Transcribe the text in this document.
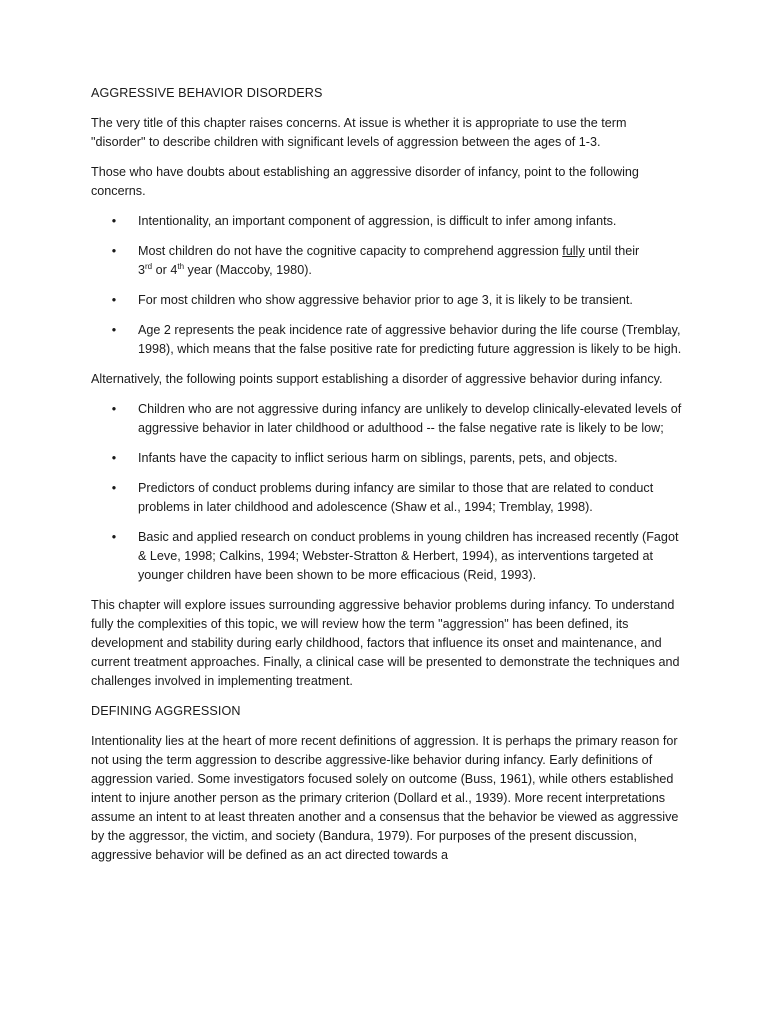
AGGRESSIVE BEHAVIOR DISORDERS

The very title of this chapter raises concerns. At issue is whether it is appropriate to use the term "disorder" to describe children with significant levels of aggression between the ages of 1-3.

Those who have doubts about establishing an aggressive disorder of infancy, point to the following concerns.

• Intentionality, an important component of aggression, is difficult to infer among infants.
• Most children do not have the cognitive capacity to comprehend aggression fully until their
3rd or 4th year (Maccoby, 1980).
• For most children who show aggressive behavior prior to age 3, it is likely to be transient.
• Age 2 represents the peak incidence rate of aggressive behavior during the life course (Tremblay, 1998), which means that the false positive rate for predicting future aggression is likely to be high.

Alternatively, the following points support establishing a disorder of aggressive behavior during infancy.

• Children who are not aggressive during infancy are unlikely to develop clinically-elevated levels of aggressive behavior in later childhood or adulthood -- the false negative rate is likely to be low;
• Infants have the capacity to inflict serious harm on siblings, parents, pets, and objects.
• Predictors of conduct problems during infancy are similar to those that are related to conduct problems in later childhood and adolescence (Shaw et al., 1994; Tremblay, 1998).
• Basic and applied research on conduct problems in young children has increased recently (Fagot & Leve, 1998; Calkins, 1994; Webster-Stratton & Herbert, 1994), as interventions targeted at younger children have been shown to be more efficacious (Reid, 1993).

This chapter will explore issues surrounding aggressive behavior problems during infancy. To understand fully the complexities of this topic, we will review how the term "aggression" has been defined, its development and stability during early childhood, factors that influence its onset and maintenance, and current treatment approaches. Finally, a clinical case will be presented to demonstrate the techniques and challenges involved in implementing treatment.

DEFINING AGGRESSION

Intentionality lies at the heart of more recent definitions of aggression. It is perhaps the primary reason for not using the term aggression to describe aggressive-like behavior during infancy. Early definitions of aggression varied. Some investigators focused solely on outcome (Buss, 1961), while others established intent to injure another person as the primary criterion (Dollard et al., 1939). More recent interpretations assume an intent to at least threaten another and a consensus that the behavior be viewed as aggressive by the aggressor, the victim, and society (Bandura, 1979). For purposes of the present discussion, aggressive behavior will be defined as an act directed towards a
